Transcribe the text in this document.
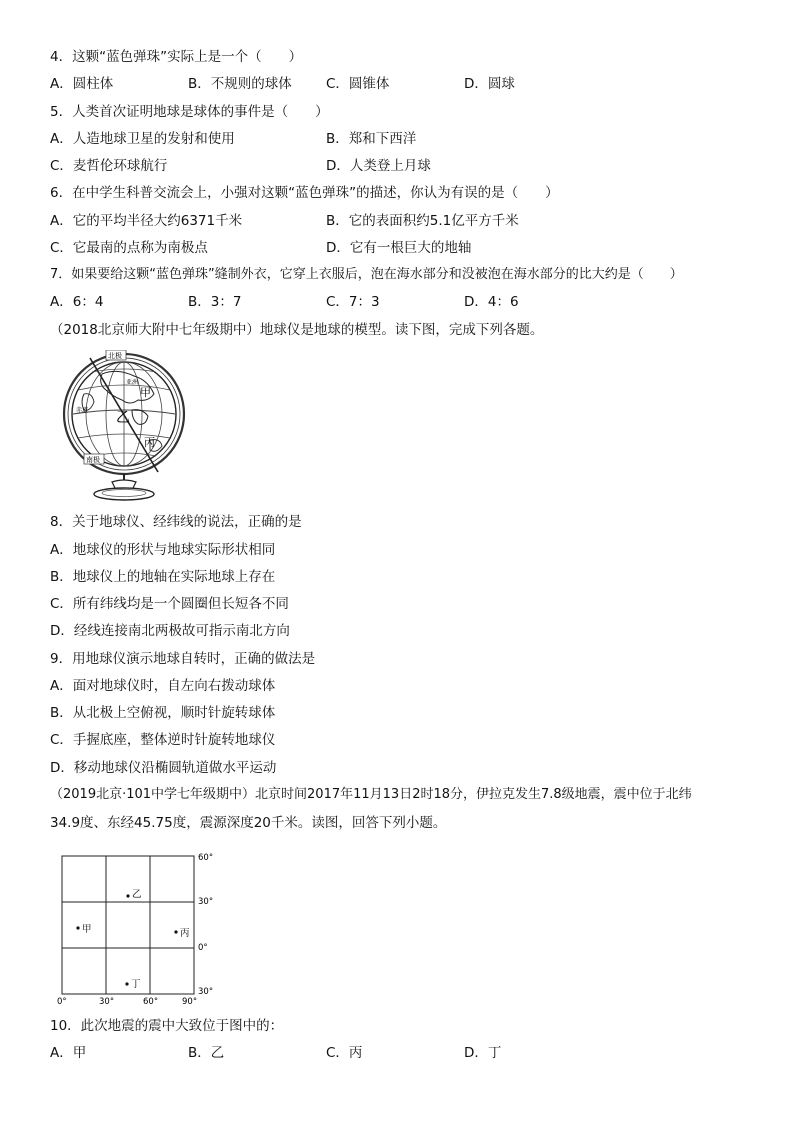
4．这颗“蓝色弹珠”实际上是一个（　　）
A．圆柱体	B．不规则的球体	C．圆锥体	D．圆球
5．人类首次证明地球是球体的事件是（　　）
A．人造地球卫星的发射和使用	B．郑和下西洋
C．麦哲伦环球航行	D．人类登上月球
6．在中学生科普交流会上，小强对这颗“蓝色弹珠”的描述，你认为有误的是（　　）
A．它的平均半径大约6371千米	B．它的表面积约5.1亿平方千米
C．它最南的点称为南极点	D．它有一根巨大的地轴
7．如果要给这颗“蓝色弹珠”缝制外衣，它穿上衣服后，泡在海水部分和没被泡在海水部分的比大约是（　　）
A．6：4	B．3：7	C．7：3	D．4：6
（2018北京师大附中七年级期中）地球仪是地球的模型。读下图，完成下列各题。
北极
南极
亚洲
赤道
甲
乙
丙
8．关于地球仪、经纬线的说法，正确的是
A．地球仪的形状与地球实际形状相同
B．地球仪上的地轴在实际地球上存在
C．所有纬线均是一个圆圈但长短各不同
D．经线连接南北两极故可指示南北方向
9．用地球仪演示地球自转时，正确的做法是
A．面对地球仪时，自左向右拨动球体
B．从北极上空俯视，顺时针旋转球体
C．手握底座，整体逆时针旋转地球仪
D．移动地球仪沿椭圆轨道做水平运动
（2019北京·101中学七年级期中）北京时间2017年11月13日2时18分，伊拉克发生7.8级地震，震中位于北纬
34.9度、东经45.75度，震源深度20千米。读图，回答下列小题。
60°
30°
0°
30°
0°	30°	60°	90°
甲
乙
丙
丁
10．此次地震的震中大致位于图中的：
A．甲	B．乙	C．丙	D．丁
